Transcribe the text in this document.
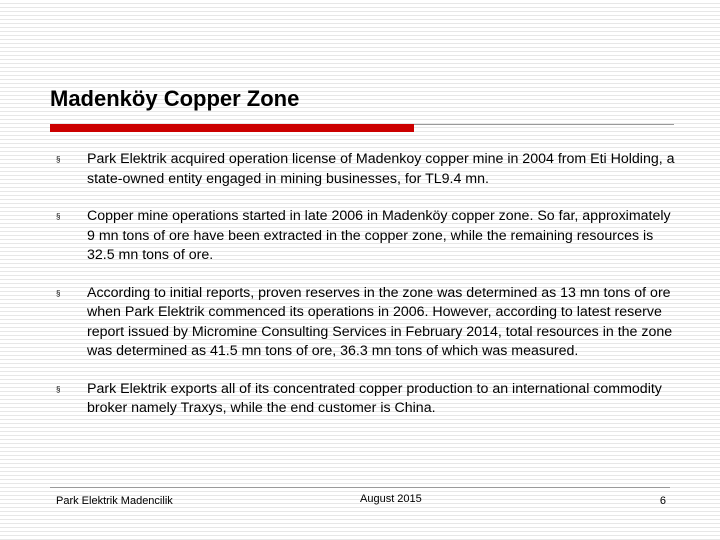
Madenköy Copper Zone
§ Park Elektrik acquired operation license of Madenkoy copper mine in 2004 from Eti Holding, a state-owned entity engaged in mining businesses, for TL9.4 mn.
§ Copper mine operations started in late 2006 in Madenköy copper zone. So far, approximately 9 mn tons of ore have been extracted in the copper zone, while the remaining resources is 32.5 mn tons of ore.
§ According to initial reports, proven reserves in the zone was determined as 13 mn tons of ore when Park Elektrik commenced its operations in 2006. However, according to latest reserve report issued by Micromine Consulting Services in February 2014, total resources in the zone was determined as 41.5 mn tons of ore, 36.3 mn tons of which was measured.
§ Park Elektrik exports all of its concentrated copper production to an international commodity broker namely Traxys, while the end customer is China.
Park Elektrik Madencilik	August 2015	6
